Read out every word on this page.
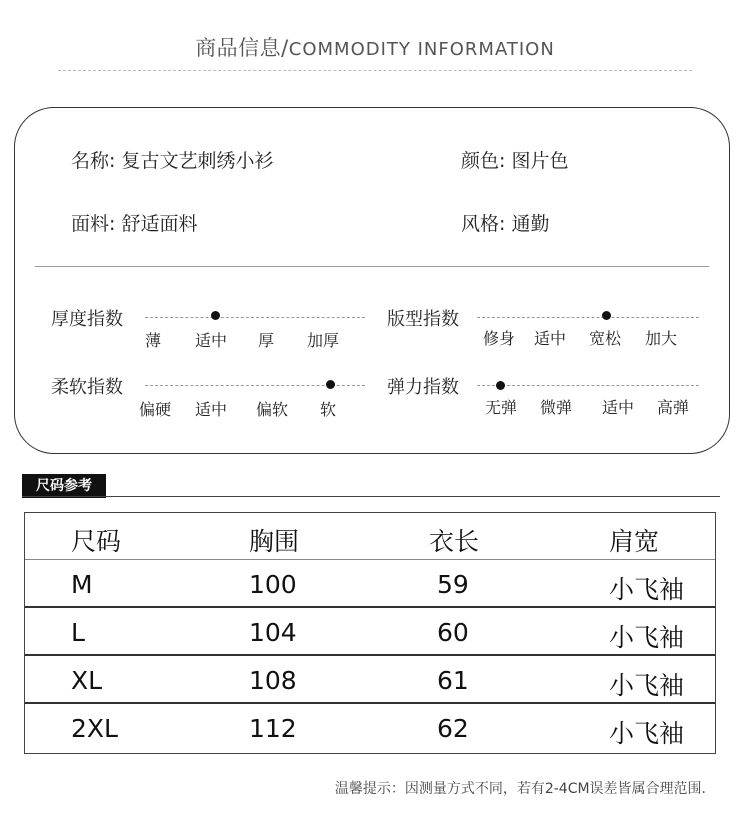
商品信息/COMMODITY INFORMATION
名称: 复古文艺刺绣小衫	颜色: 图片色
面料: 舒适面料	风格: 通勤
厚度指数
薄 适中 厚 加厚
版型指数
修身 适中 宽松 加大
柔软指数
偏硬 适中 偏软 软
弹力指数
无弹 微弹 适中 高弹
尺码参考
尺码	胸围	衣长	肩宽
M	100	59	小飞袖
L	104	60	小飞袖
XL	108	61	小飞袖
2XL	112	62	小飞袖
温馨提示：因测量方式不同，若有2-4CM误差皆属合理范围.
